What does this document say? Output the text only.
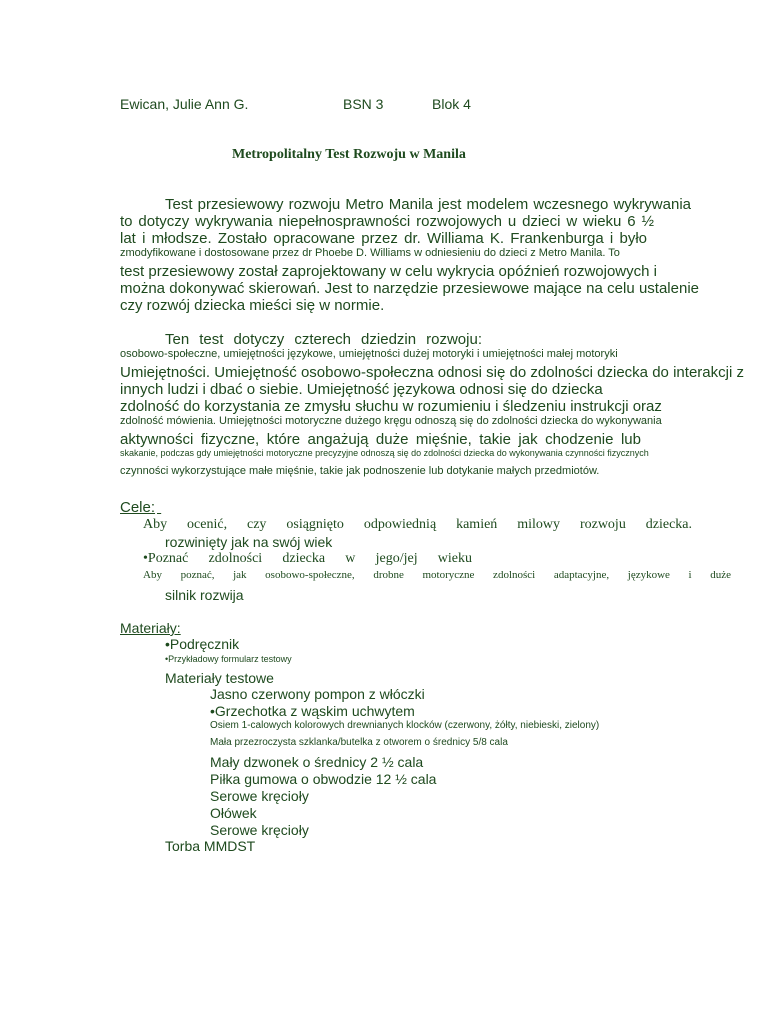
Ewican, Julie Ann G.	BSN 3	Blok 4
Metropolitalny Test Rozwoju w Manila
Test przesiewowy rozwoju Metro Manila jest modelem wczesnego wykrywania
to dotyczy wykrywania niepełnosprawności rozwojowych u dzieci w wieku 6 ½
lat i młodsze. Zostało opracowane przez dr. Williama K. Frankenburga i było
zmodyfikowane i dostosowane przez dr Phoebe D. Williams w odniesieniu do dzieci z Metro Manila. To
test przesiewowy został zaprojektowany w celu wykrycia opóźnień rozwojowych i
można dokonywać skierowań. Jest to narzędzie przesiewowe mające na celu ustalenie
czy rozwój dziecka mieści się w normie.
Ten test dotyczy czterech dziedzin rozwoju:
osobowo-społeczne, umiejętności językowe, umiejętności dużej motoryki i umiejętności małej motoryki
Umiejętności. Umiejętność osobowo-społeczna odnosi się do zdolności dziecka do interakcji z
innych ludzi i dbać o siebie. Umiejętność językowa odnosi się do dziecka
zdolność do korzystania ze zmysłu słuchu w rozumieniu i śledzeniu instrukcji oraz
zdolność mówienia. Umiejętności motoryczne dużego kręgu odnoszą się do zdolności dziecka do wykonywania
aktywności fizyczne, które angażują duże mięśnie, takie jak chodzenie lub
skakanie, podczas gdy umiejętności motoryczne precyzyjne odnoszą się do zdolności dziecka do wykonywania czynności fizycznych
czynności wykorzystujące małe mięśnie, takie jak podnoszenie lub dotykanie małych przedmiotów.
Cele:

Aby ocenić, czy osiągnięto odpowiednią kamień milowy rozwoju dziecka.
rozwinięty jak na swój wiek
•Poznać zdolności dziecka w jego/jej wieku
Aby poznać, jak osobowo-społeczne, drobne motoryczne zdolności adaptacyjne, językowe i duże
silnik rozwija
Materiały:
•Podręcznik
•Przykładowy formularz testowy
Materiały testowe
Jasno czerwony pompon z włóczki
•Grzechotka z wąskim uchwytem
Osiem 1-calowych kolorowych drewnianych klocków (czerwony, żółty, niebieski, zielony)
Mała przezroczysta szklanka/butelka z otworem o średnicy 5/8 cala
Mały dzwonek o średnicy 2 ½ cala
Piłka gumowa o obwodzie 12 ½ cala
Serowe kręcioły
Ołówek
Serowe kręcioły
Torba MMDST
